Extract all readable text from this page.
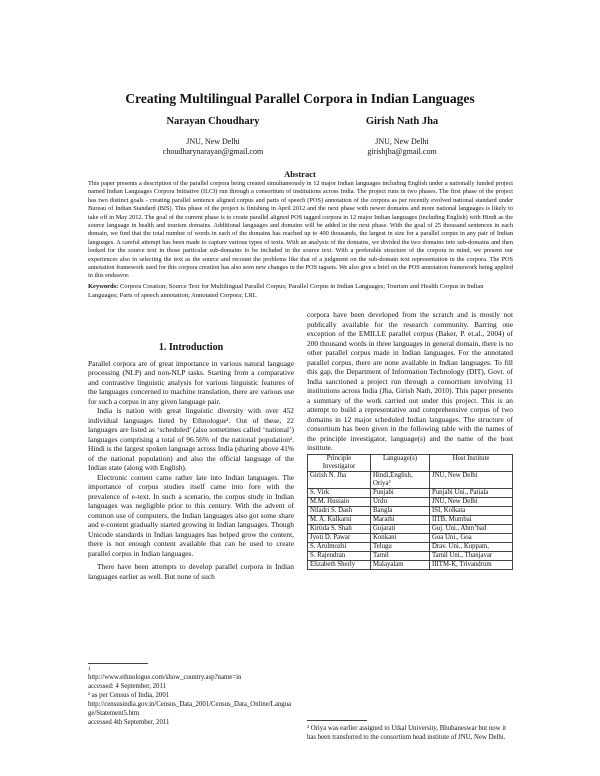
Creating Multilingual Parallel Corpora in Indian Languages
Narayan Choudhary
JNU, New Delhi
choudharynarayan@gmail.com
Girish Nath Jha
JNU, New Delhi
girishjha@gmail.com
Abstract
This paper presents a description of the parallel corpora being created simultaneously in 12 major Indian languages including English under a nationally funded project named Indian Languages Corpora Initiative (ILCI) run through a consortium of institutions across India. The project runs in two phases. The first phase of the project has two distinct goals - creating parallel sentence aligned corpus and parts of speech (POS) annotation of the corpora as per recently evolved national standard under Bureau of Indian Standard (BIS). This phase of the project is finishing in April 2012 and the next phase with newer domains and more national languages is likely to take off in May 2012. The goal of the current phase is to create parallel aligned POS tagged corpora in 12 major Indian languages (including English) with Hindi as the source language in health and tourism domains. Additional languages and domains will be added in the next phase. With the goal of 25 thousand sentences in each domain, we find that the total number of words in each of the domains has reached up to 400 thousands, the largest in size for a parallel corpus in any pair of Indian languages. A careful attempt has been made to capture various types of texts. With an analysis of the domains, we divided the two domains into sub-domains and then looked for the source text in those particular sub-domains to be included in the source text. With a preferable structure of the corpora in mind, we present our experiences also in selecting the text as the source and recount the problems like that of a judgment on the sub-domain text representation in the corpora. The POS annotation framework used for this corpora creation has also seen new changes in the POS tagsets. We also give a brief on the POS annotation framework being applied in this endeavor.
Keywords: Corpora Creation; Source Text for Multilingual Parallel Corpus; Parallel Corpus in Indian Languages; Tourism and Health Corpus in Indian Languages; Parts of speech annotation; Annotated Corpora; LRL
1. Introduction

Parallel corpora are of great importance in various natural language processing (NLP) and non-NLP tasks. Starting from a comparative and contrastive linguistic analysis for various linguistic features of the languages concerned to machine translation, there are various use for such a corpus in any given language pair.

India is nation with great linguistic diversity with over 452 individual languages listed by Ethnologue¹. Out of these, 22 languages are listed as ‘scheduled’ (also sometimes called ‘national’) languages comprising a total of 96.56% of the national population². Hindi is the largest spoken language across India (sharing above 41% of the national population) and also the official language of the Indian state (along with English).

Electronic content came rather late into Indian languages. The importance of corpus studies itself came into fore with the prevalence of e-text. In such a scenario, the corpus study in Indian languages was negligible prior to this century. With the advent of common use of computers, the Indian languages also got some share and e-content gradually started growing in Indian languages. Though Unicode standards in Indian languages has helped grow the content, there is not enough content available that can be used to create parallel corpus in Indian languages.

There have been attempts to develop parallel corpora in Indian languages earlier as well. But none of such

corpora have been developed from the scratch and is mostly not publically available for the research community. Barring one exception of the EMILLE parallel corpus (Baker, P. et.al., 2004) of 200 thousand words in three languages in general domain, there is no other parallel corpus made in Indian languages. For the annotated parallel corpus, there are none available in Indian languages. To fill this gap, the Department of Information Technology (DIT), Govt. of India sanctioned a project run through a consortium involving 11 institutions across India (Jha, Girish Nath, 2010). This paper presents a summary of the work carried out under this project. This is an attempt to build a representative and comprehensive corpus of two domains in 12 major scheduled Indian languages. The structure of consortium has been given in the following table with the names of the principle investigator, language(s) and the name of the host institute.

Principle Investigator	Language(s)	Host Institute
Girish N. Jha	Hindi,English, Oriya³	JNU, New Delhi
S. Virk	Punjabi	Punjabi Uni., Patiala
M.M. Hussain	Urdu	JNU, New Delhi
Niladri S. Dash	Bangla	ISI, Kolkata
M. A. Kulkarni	Marathi	IITB, Mumbai
Kirtida S. Shah	Gujarati	Guj. Uni., Ahm’bad
Jyoti D. Pawar	Konkani	Goa Uni., Goa
S. Arulmozhi	Telugu	Drav. Uni., Kuppam,
S. Rajendran	Tamil	Tamil Uni., Thanjavar
Elizabeth Sherly	Malayalam	IIITM-K, Trivandrum
1
http://www.ethnologue.com/show_country.asp?name=in
accessed: 4 September, 2011
² as per Census of India, 2001
http://censusindia.gov.in/Census_Data_2001/Census_Data_Online/Language/Statement5.htm
accessed 4th September, 2011
³ Oriya was earlier assigned to Utkal University, Bhubaneswar but now it has been transferred to the consortium head institute of JNU, New Delhi.
